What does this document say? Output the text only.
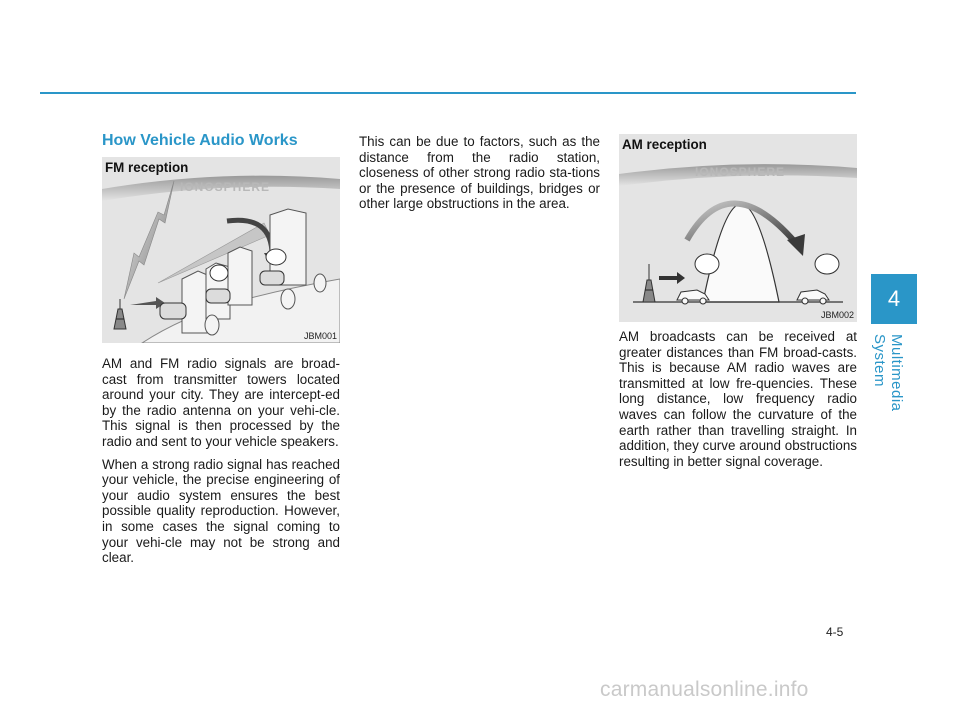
How Vehicle Audio Works
FM reception
IONOSPHERE
JBM001

AM and FM radio signals are broad-cast from transmitter towers located around your city. They are intercept-ed by the radio antenna on your vehi-cle. This signal is then processed by the radio and sent to your vehicle speakers.

When a strong radio signal has reached your vehicle, the precise engineering of your audio system ensures the best possible quality reproduction. However, in some cases the signal coming to your vehi-cle may not be strong and clear.

This can be due to factors, such as the distance from the radio station, closeness of other strong radio sta-tions or the presence of buildings, bridges or other large obstructions in the area.

AM reception
IONOSPHERE
JBM002

AM broadcasts can be received at greater distances than FM broad-casts. This is because AM radio waves are transmitted at low fre-quencies. These long distance, low frequency radio waves can follow the curvature of the earth rather than travelling straight. In addition, they curve around obstructions resulting in better signal coverage.

4
Multimedia System
4-5
carmanualsonline.info
